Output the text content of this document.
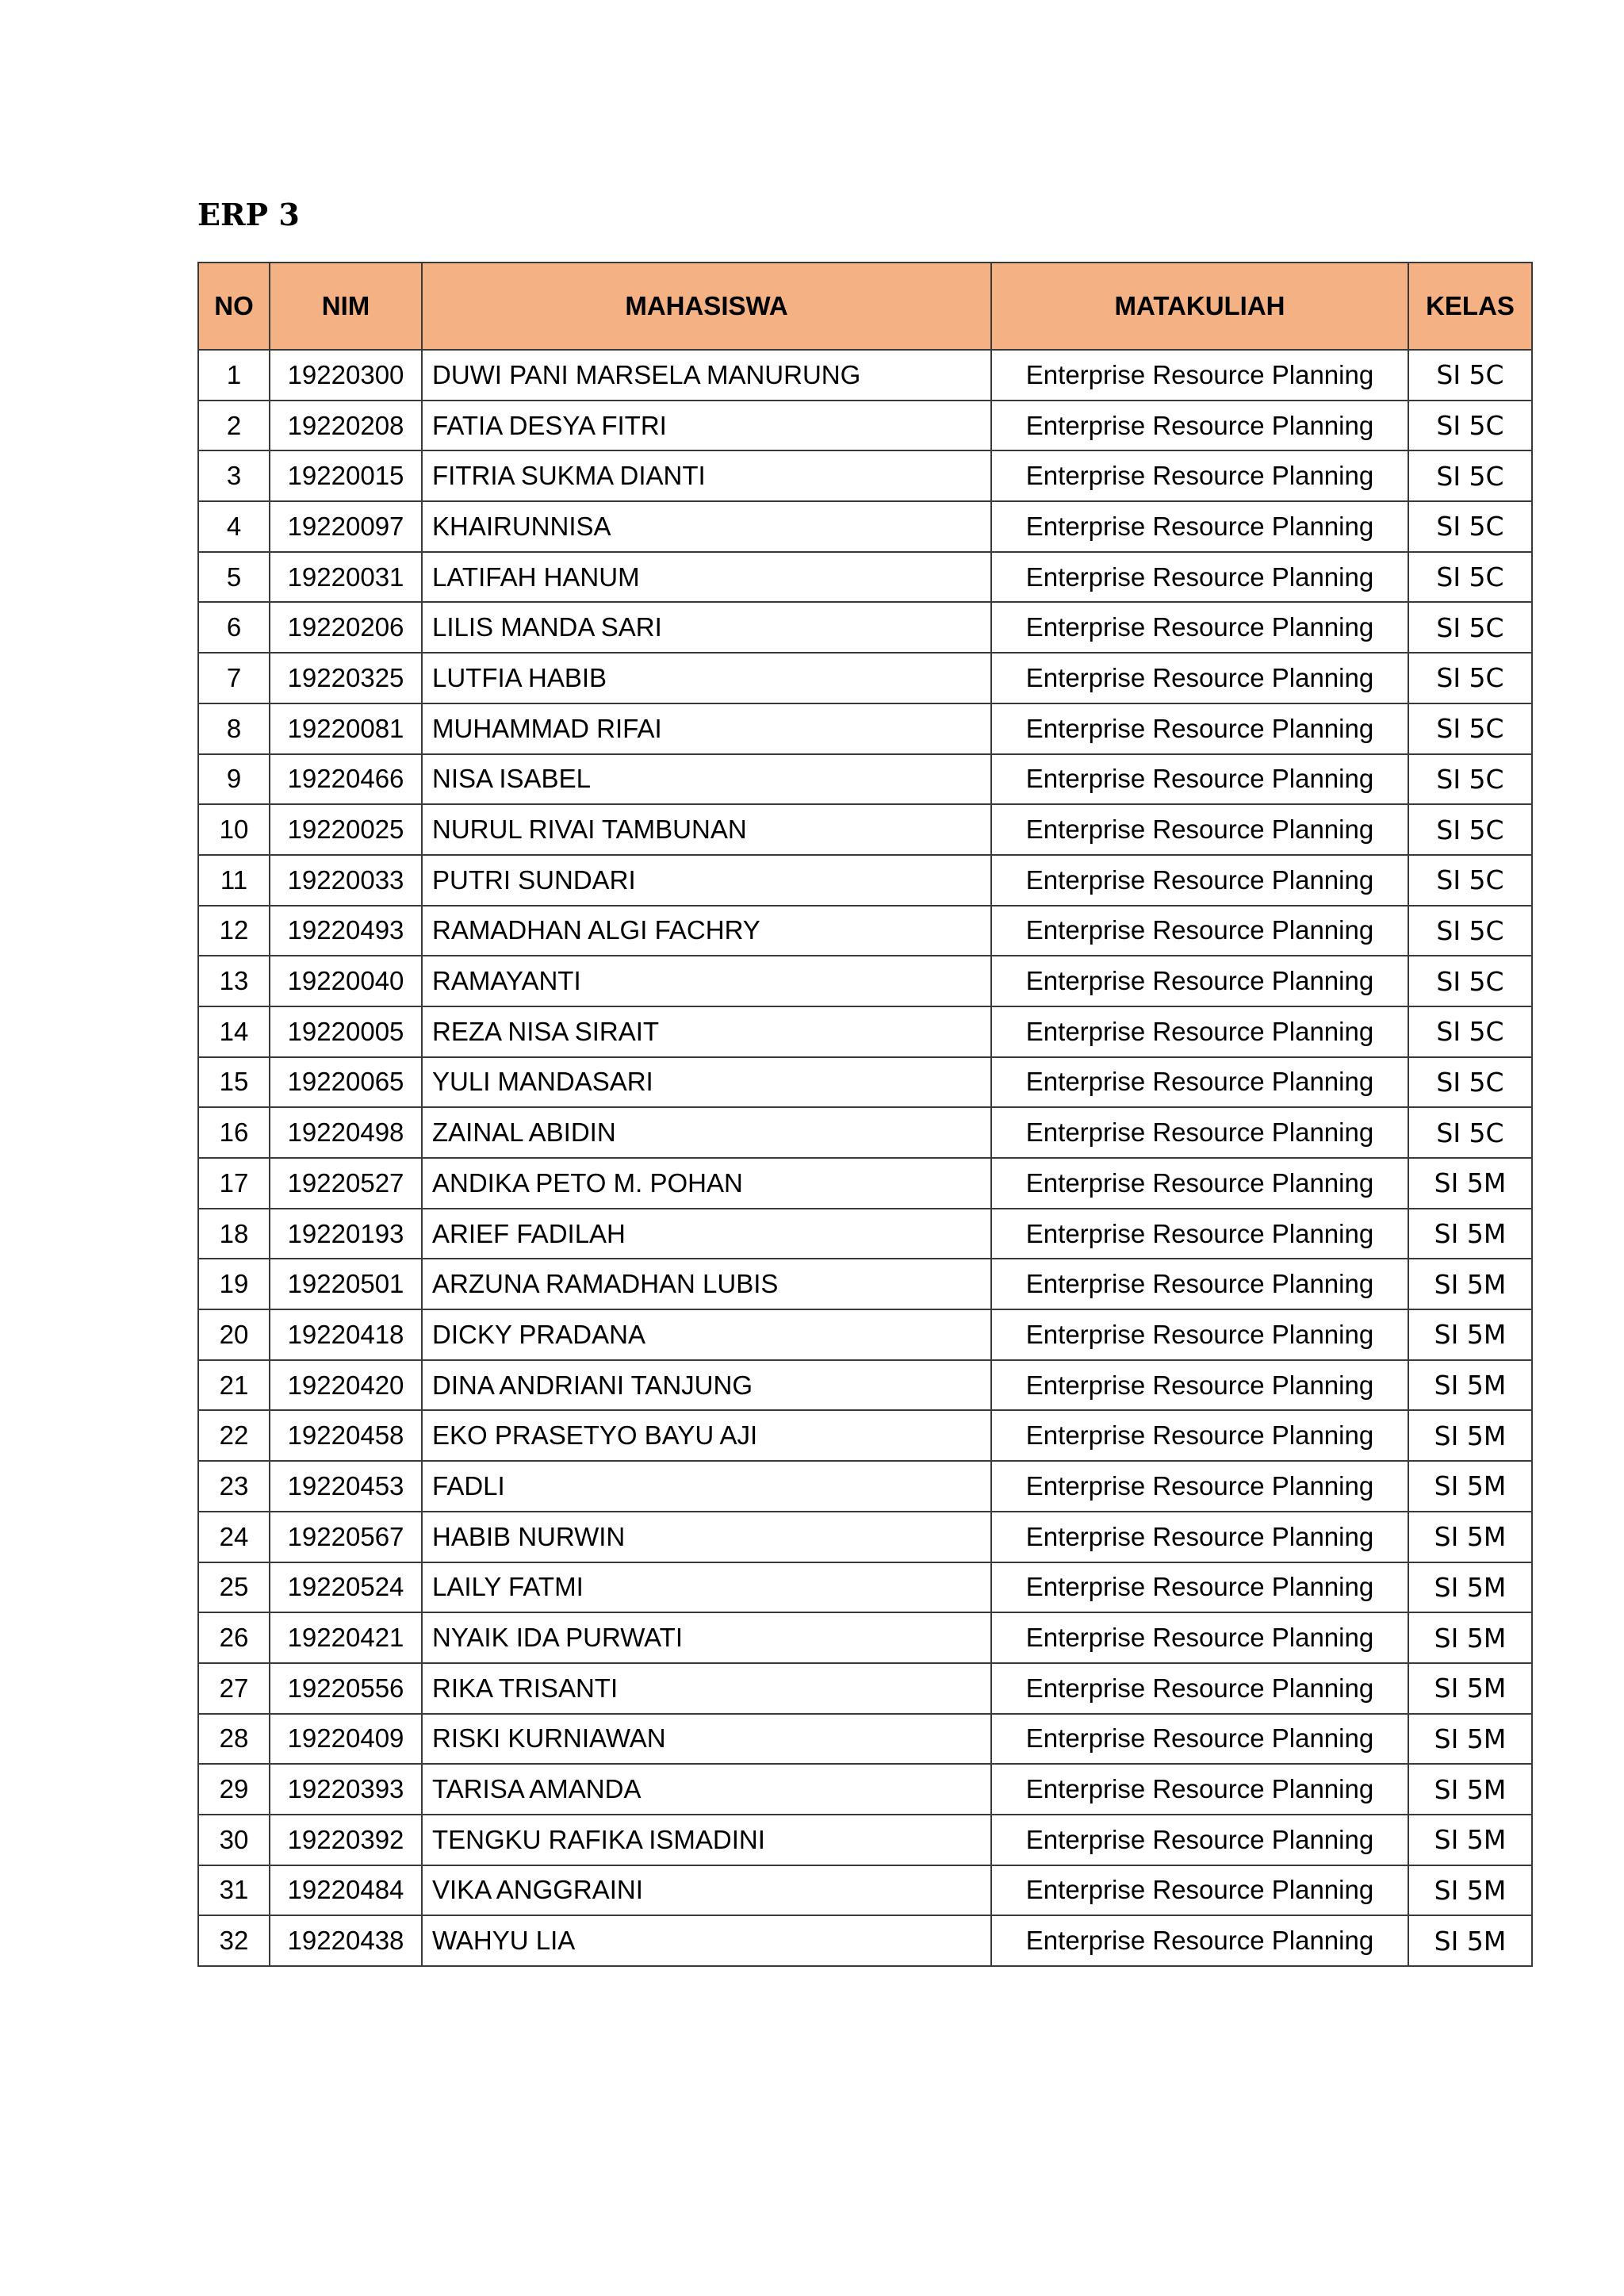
ERP 3
NO	NIM	MAHASISWA	MATAKULIAH	KELAS
1	19220300	DUWI PANI MARSELA MANURUNG	Enterprise Resource Planning	SI 5C
2	19220208	FATIA DESYA FITRI	Enterprise Resource Planning	SI 5C
3	19220015	FITRIA SUKMA DIANTI	Enterprise Resource Planning	SI 5C
4	19220097	KHAIRUNNISA	Enterprise Resource Planning	SI 5C
5	19220031	LATIFAH HANUM	Enterprise Resource Planning	SI 5C
6	19220206	LILIS MANDA SARI	Enterprise Resource Planning	SI 5C
7	19220325	LUTFIA HABIB	Enterprise Resource Planning	SI 5C
8	19220081	MUHAMMAD RIFAI	Enterprise Resource Planning	SI 5C
9	19220466	NISA ISABEL	Enterprise Resource Planning	SI 5C
10	19220025	NURUL RIVAI TAMBUNAN	Enterprise Resource Planning	SI 5C
11	19220033	PUTRI SUNDARI	Enterprise Resource Planning	SI 5C
12	19220493	RAMADHAN ALGI FACHRY	Enterprise Resource Planning	SI 5C
13	19220040	RAMAYANTI	Enterprise Resource Planning	SI 5C
14	19220005	REZA NISA SIRAIT	Enterprise Resource Planning	SI 5C
15	19220065	YULI MANDASARI	Enterprise Resource Planning	SI 5C
16	19220498	ZAINAL ABIDIN	Enterprise Resource Planning	SI 5C
17	19220527	ANDIKA PETO M. POHAN	Enterprise Resource Planning	SI 5M
18	19220193	ARIEF FADILAH	Enterprise Resource Planning	SI 5M
19	19220501	ARZUNA RAMADHAN LUBIS	Enterprise Resource Planning	SI 5M
20	19220418	DICKY PRADANA	Enterprise Resource Planning	SI 5M
21	19220420	DINA ANDRIANI TANJUNG	Enterprise Resource Planning	SI 5M
22	19220458	EKO PRASETYO BAYU AJI	Enterprise Resource Planning	SI 5M
23	19220453	FADLI	Enterprise Resource Planning	SI 5M
24	19220567	HABIB NURWIN	Enterprise Resource Planning	SI 5M
25	19220524	LAILY FATMI	Enterprise Resource Planning	SI 5M
26	19220421	NYAIK IDA PURWATI	Enterprise Resource Planning	SI 5M
27	19220556	RIKA TRISANTI	Enterprise Resource Planning	SI 5M
28	19220409	RISKI KURNIAWAN	Enterprise Resource Planning	SI 5M
29	19220393	TARISA AMANDA	Enterprise Resource Planning	SI 5M
30	19220392	TENGKU RAFIKA ISMADINI	Enterprise Resource Planning	SI 5M
31	19220484	VIKA ANGGRAINI	Enterprise Resource Planning	SI 5M
32	19220438	WAHYU LIA	Enterprise Resource Planning	SI 5M
